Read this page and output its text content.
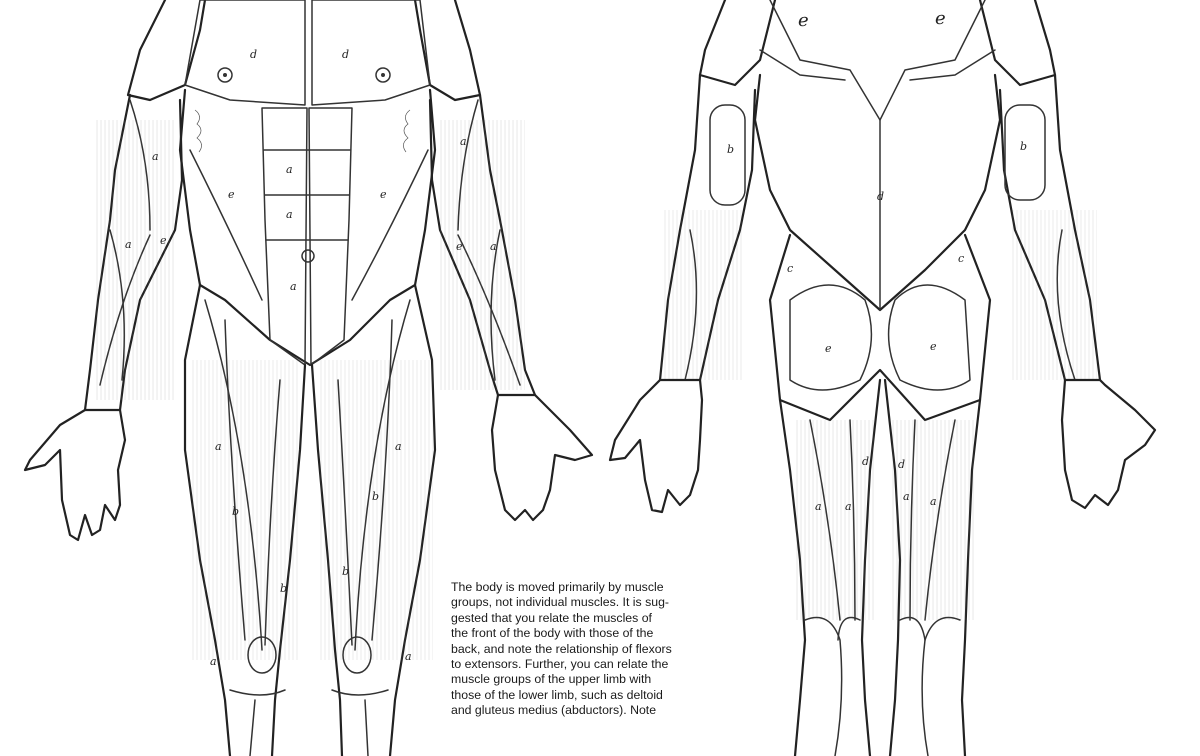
d	d
a
a
a
a
a
a	a
e	e
e	e
a	a
b
b
b
b
a	a
e	e
b	b
d
c
c
e	e
a a
a a
d	d
The body is moved primarily by muscle
groups, not individual muscles. It is sug-
gested that you relate the muscles of
the front of the body with those of the
back, and note the relationship of flexors
to extensors. Further, you can relate the
muscle groups of the upper limb with
those of the lower limb, such as deltoid
and gluteus medius (abductors). Note
